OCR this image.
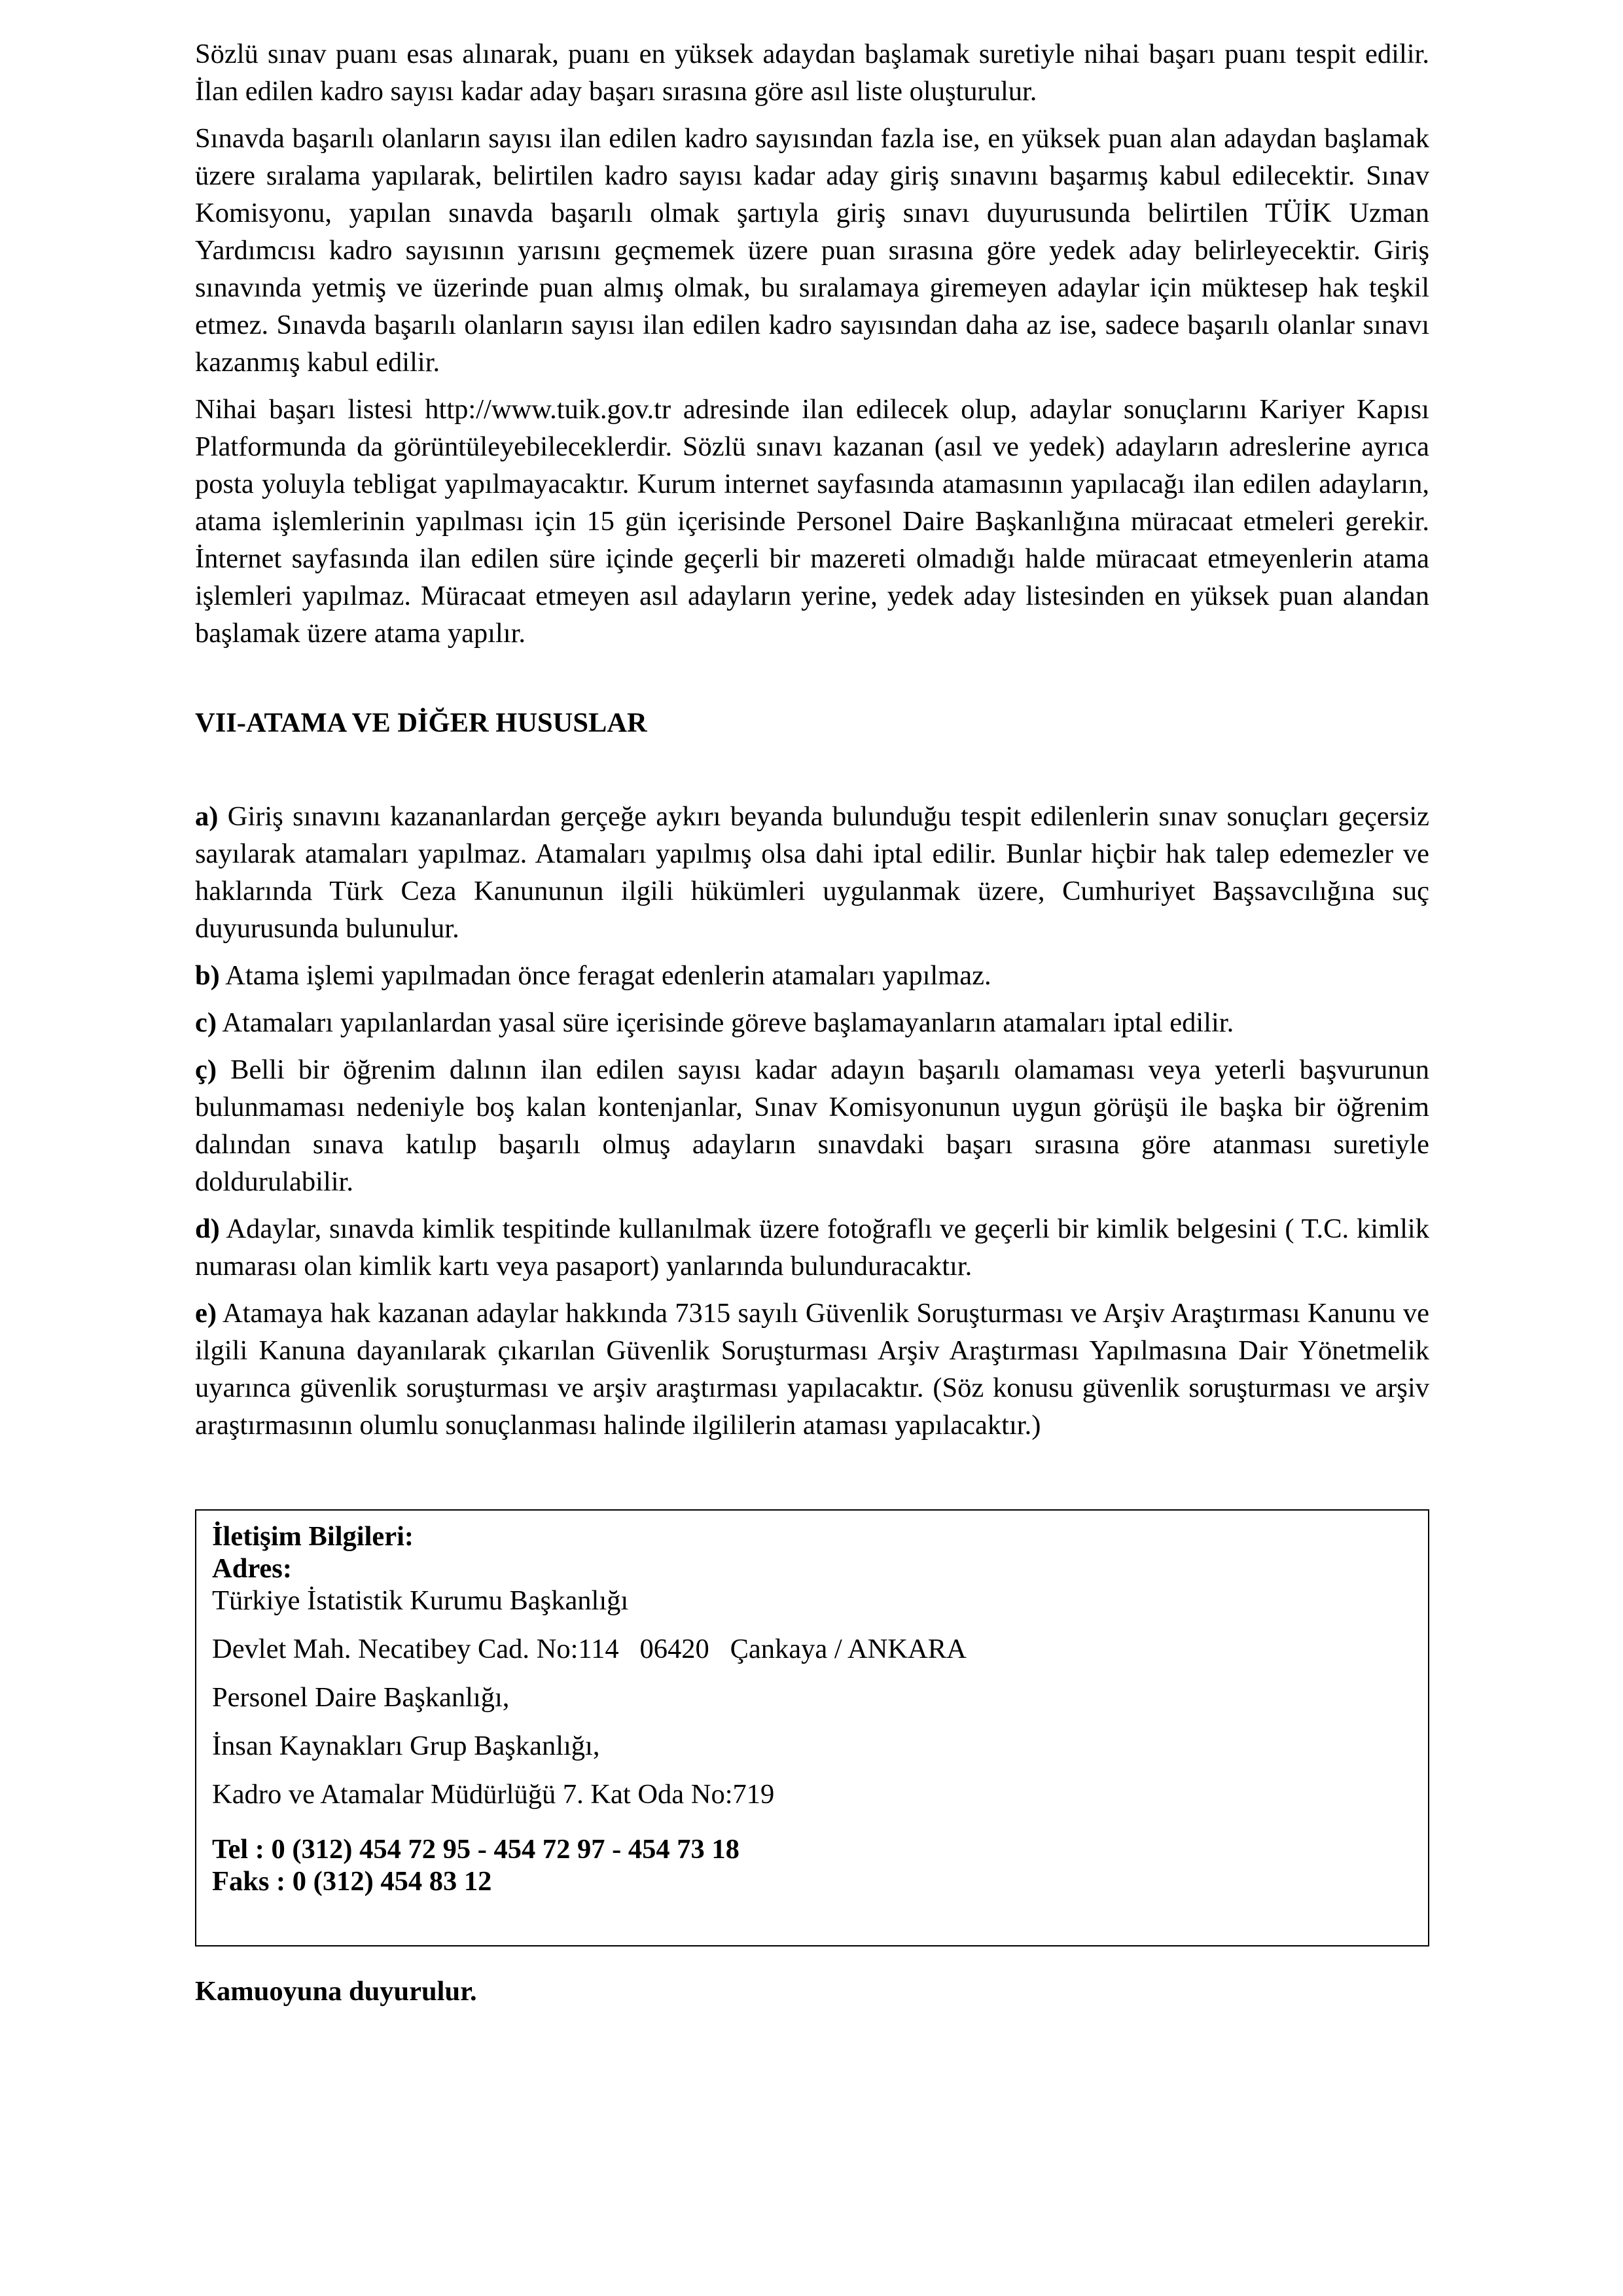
Sözlü sınav puanı esas alınarak, puanı en yüksek adaydan başlamak suretiyle nihai başarı puanı tespit edilir. İlan edilen kadro sayısı kadar aday başarı sırasına göre asıl liste oluşturulur.

Sınavda başarılı olanların sayısı ilan edilen kadro sayısından fazla ise, en yüksek puan alan adaydan başlamak üzere sıralama yapılarak, belirtilen kadro sayısı kadar aday giriş sınavını başarmış kabul edilecektir. Sınav Komisyonu, yapılan sınavda başarılı olmak şartıyla giriş sınavı duyurusunda belirtilen TÜİK Uzman Yardımcısı kadro sayısının yarısını geçmemek üzere puan sırasına göre yedek aday belirleyecektir. Giriş sınavında yetmiş ve üzerinde puan almış olmak, bu sıralamaya giremeyen adaylar için müktesep hak teşkil etmez. Sınavda başarılı olanların sayısı ilan edilen kadro sayısından daha az ise, sadece başarılı olanlar sınavı kazanmış kabul edilir.

Nihai başarı listesi http://www.tuik.gov.tr adresinde ilan edilecek olup, adaylar sonuçlarını Kariyer Kapısı Platformunda da görüntüleyebileceklerdir. Sözlü sınavı kazanan (asıl ve yedek) adayların adreslerine ayrıca posta yoluyla tebligat yapılmayacaktır. Kurum internet sayfasında atamasının yapılacağı ilan edilen adayların, atama işlemlerinin yapılması için 15 gün içerisinde Personel Daire Başkanlığına müracaat etmeleri gerekir. İnternet sayfasında ilan edilen süre içinde geçerli bir mazereti olmadığı halde müracaat etmeyenlerin atama işlemleri yapılmaz. Müracaat etmeyen asıl adayların yerine, yedek aday listesinden en yüksek puan alandan başlamak üzere atama yapılır.

VII-ATAMA VE DİĞER HUSUSLAR

a) Giriş sınavını kazananlardan gerçeğe aykırı beyanda bulunduğu tespit edilenlerin sınav sonuçları geçersiz sayılarak atamaları yapılmaz. Atamaları yapılmış olsa dahi iptal edilir. Bunlar hiçbir hak talep edemezler ve haklarında Türk Ceza Kanununun ilgili hükümleri uygulanmak üzere, Cumhuriyet Başsavcılığına suç duyurusunda bulunulur.

b) Atama işlemi yapılmadan önce feragat edenlerin atamaları yapılmaz.

c) Atamaları yapılanlardan yasal süre içerisinde göreve başlamayanların atamaları iptal edilir.

ç) Belli bir öğrenim dalının ilan edilen sayısı kadar adayın başarılı olamaması veya yeterli başvurunun bulunmaması nedeniyle boş kalan kontenjanlar, Sınav Komisyonunun uygun görüşü ile başka bir öğrenim dalından sınava katılıp başarılı olmuş adayların sınavdaki başarı sırasına göre atanması suretiyle doldurulabilir.

d) Adaylar, sınavda kimlik tespitinde kullanılmak üzere fotoğraflı ve geçerli bir kimlik belgesini ( T.C. kimlik numarası olan kimlik kartı veya pasaport) yanlarında bulunduracaktır.

e) Atamaya hak kazanan adaylar hakkında 7315 sayılı Güvenlik Soruşturması ve Arşiv Araştırması Kanunu ve ilgili Kanuna dayanılarak çıkarılan Güvenlik Soruşturması Arşiv Araştırması Yapılmasına Dair Yönetmelik uyarınca güvenlik soruşturması ve arşiv araştırması yapılacaktır. (Söz konusu güvenlik soruşturması ve arşiv araştırmasının olumlu sonuçlanması halinde ilgililerin ataması yapılacaktır.)

İletişim Bilgileri:

Adres:

Türkiye İstatistik Kurumu Başkanlığı

Devlet Mah. Necatibey Cad. No:114   06420   Çankaya / ANKARA

Personel Daire Başkanlığı,

İnsan Kaynakları Grup Başkanlığı,

Kadro ve Atamalar Müdürlüğü 7. Kat Oda No:719

Tel : 0 (312) 454 72 95 - 454 72 97 - 454 73 18

Faks : 0 (312) 454 83 12

Kamuoyuna duyurulur.
